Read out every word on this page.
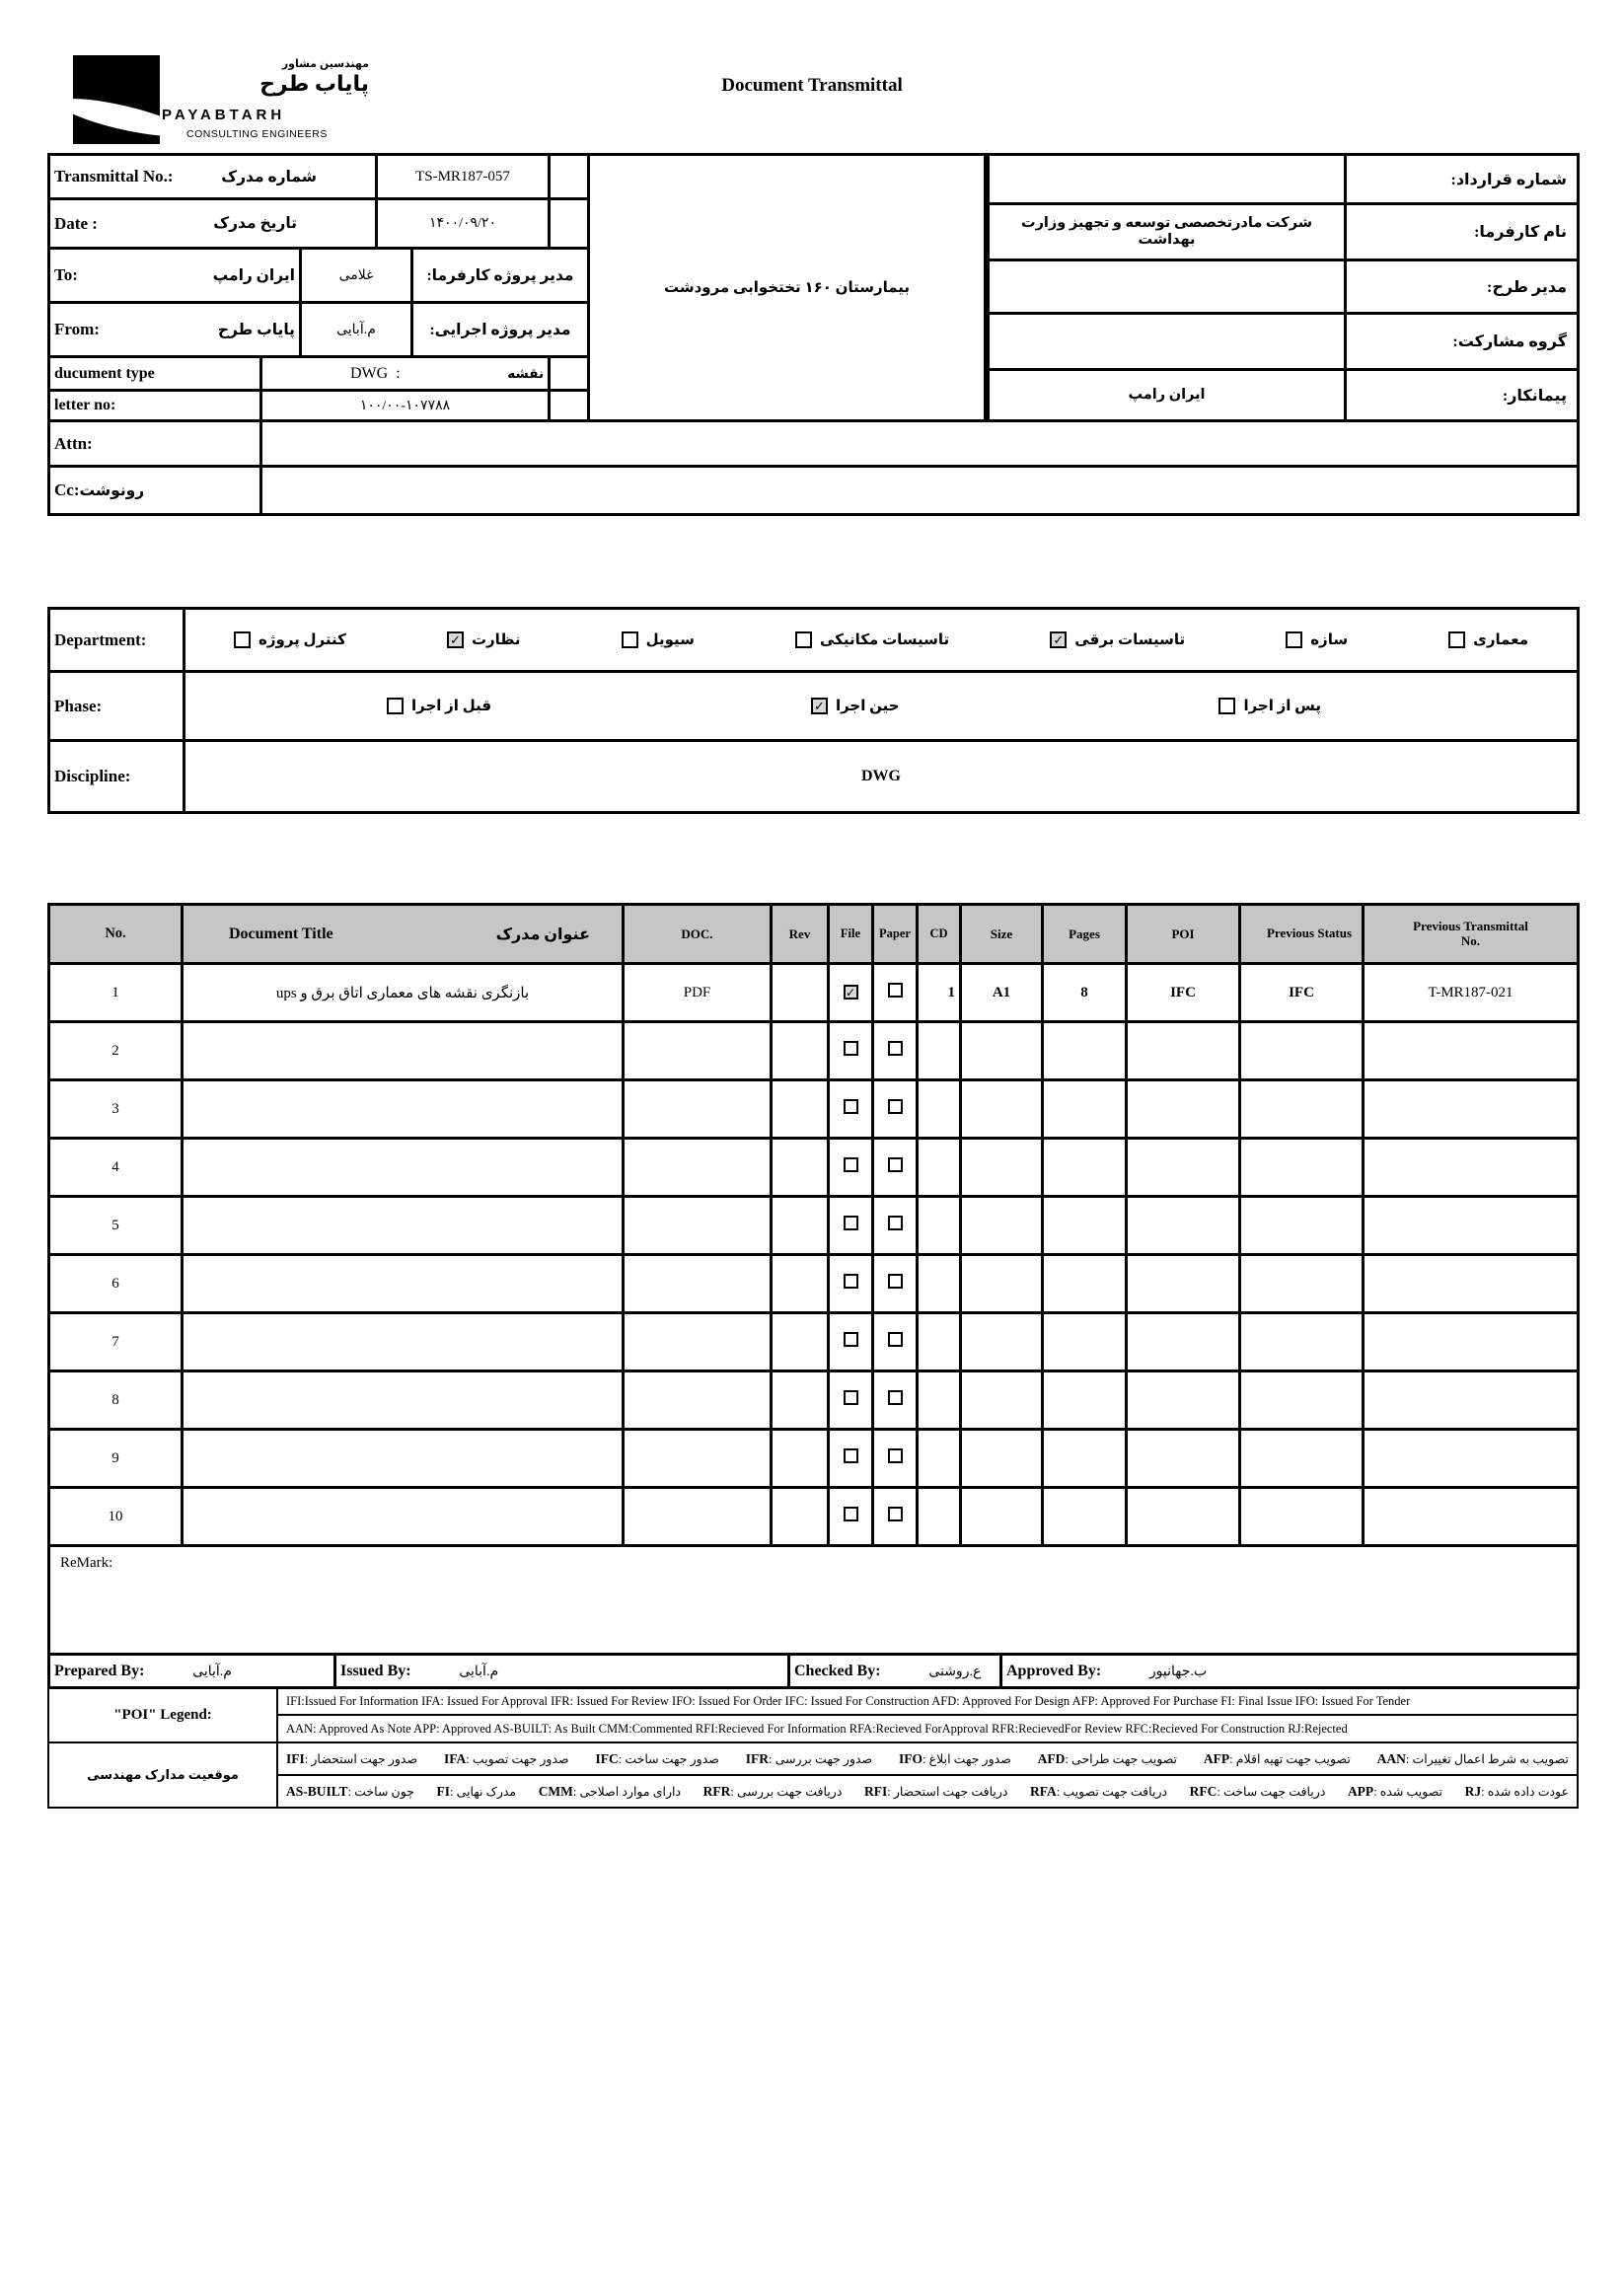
مهندسین مشاور
پایاب طرح
PAYABTARH
CONSULTING ENGINEERS
Document Transmittal
Transmittal No.: شماره مدرک			TS-MR187-057		

Date : تاریخ مدرک			۱۴۰۰/۰۹/۲۰		

To: ایران رامپ		غلامی		مدیر پروژه کارفرما:	

From: پایاب طرح		م.آبایی		مدیر پروژه اجرایی:	
ducument type	DWG : نقشه				

letter no:	۱۰۰/۰۰-۱۰۷۷۸۸				
بیمارستان ۱۶۰ تختخوابی مرودشت
	شماره قرارداد:
شرکت مادرتخصصی توسعه و تجهیز وزارت بهداشت	نام کارفرما:
	مدیر طرح:
	گروه مشارکت:
ایران رامپ	پیمانکار:
Attn:	
Cc:رونوشت	
Department:	کنترل پروژه	✓ نظارت	سیویل	تاسیسات مکانیکی	✓ تاسیسات برقی	سازه	معماری

Phase:	قبل از اجرا ✓ حین اجرا پس از اجرا

Discipline:	DWG
No.	Document Title عنوان مدرک	DOC.	Rev	File	Paper	CD	Size	Pages	POI	Previous Status	Previous Transmittal No.

1	بازنگری نقشه های معماری اتاق برق و ups	PDF		✓		1	A1	8	IFC	IFC	T-MR187-021
2											
3											
4											
5											
6											
7											
8											
9											
10											
ReMark:											
Prepared By:	م.آبایی	Issued By:	م.آبایی	Checked By:	ع.روشنی	Approved By:	ب.جهانپور
"POI" Legend:	IFI:Issued For Information IFA: Issued For Approval IFR: Issued For Review IFO: Issued For Order IFC: Issued For Construction AFD: Approved For Design AFP: Approved For Purchase FI: Final Issue IFO: Issued For Tender
	AAN: Approved As Note APP: Approved AS-BUILT: As Built CMM:Commented RFI:Recieved For Information RFA:Recieved ForApproval RFR:RecievedFor Review RFC:Recieved For Construction RJ:Rejected
موقعیت مدارک مهندسی	
IFI: صدور جهت استحضار IFA: صدور جهت تصویب IFC: صدور جهت ساخت IFR: صدور جهت بررسی IFO: صدور جهت ابلاغ AFD: تصویب جهت طراحی AFP: تصویب جهت تهیه اقلام AAN: تصویب به شرط اعمال تغییرات

AS-BUILT: چون ساخت FI: مدرک نهایی CMM: دارای موارد اصلاحی RFR: دریافت جهت بررسی RFI: دریافت جهت استحضار RFA: دریافت جهت تصویب RFC: دریافت جهت ساخت APP: تصویب شده RJ: عودت داده شده
